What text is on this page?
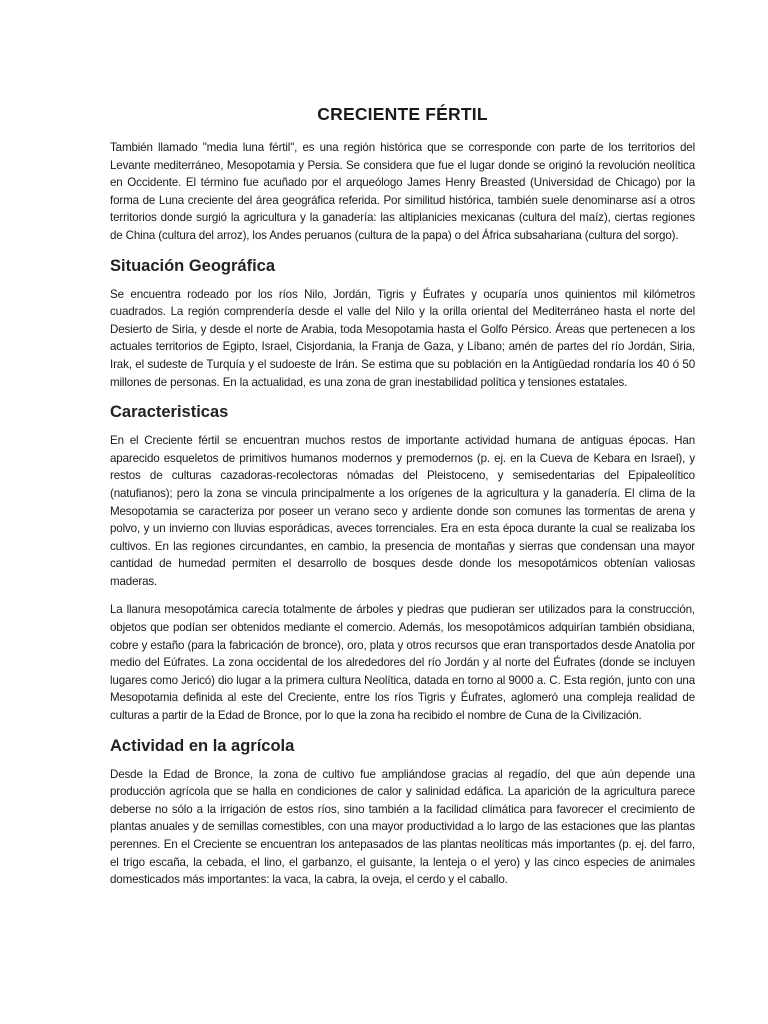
CRECIENTE FÉRTIL

También llamado "media luna fértil", es una región histórica que se corresponde con parte de los territorios del Levante mediterráneo, Mesopotamia y Persia. Se considera que fue el lugar donde se originó la revolución neolítica en Occidente. El término fue acuñado por el arqueólogo James Henry Breasted (Universidad de Chicago) por la forma de Luna creciente del área geográfica referida. Por similitud histórica, también suele denominarse así a otros territorios donde surgió la agricultura y la ganadería: las altiplanicies mexicanas (cultura del maíz), ciertas regiones de China (cultura del arroz), los Andes peruanos (cultura de la papa) o del África subsahariana (cultura del sorgo).

Situación Geográfica

Se encuentra rodeado por los ríos Nilo, Jordán, Tigris y Éufrates y ocuparía unos quinientos mil kilómetros cuadrados. La región comprendería desde el valle del Nilo y la orilla oriental del Mediterráneo hasta el norte del Desierto de Siria, y desde el norte de Arabia, toda Mesopotamia hasta el Golfo Pérsico. Áreas que pertenecen a los actuales territorios de Egipto, Israel, Cisjordania, la Franja de Gaza, y Líbano; amén de partes del río Jordán, Siria, Irak, el sudeste de Turquía y el sudoeste de Irán. Se estima que su población en la Antigüedad rondaría los 40 ó 50 millones de personas. En la actualidad, es una zona de gran inestabilidad política y tensiones estatales.

Caracteristicas

En el Creciente fértil se encuentran muchos restos de importante actividad humana de antiguas épocas. Han aparecido esqueletos de primitivos humanos modernos y premodernos (p. ej. en la Cueva de Kebara en Israel), y restos de culturas cazadoras-recolectoras nómadas del Pleistoceno, y semisedentarias del Epipaleolítico (natufianos); pero la zona se vincula principalmente a los orígenes de la agricultura y la ganadería. El clima de la Mesopotamia se caracteriza por poseer un verano seco y ardiente donde son comunes las tormentas de arena y polvo, y un invierno con lluvias esporádicas, aveces torrenciales. Era en esta época durante la cual se realizaba los cultivos. En las regiones circundantes, en cambio, la presencia de montañas y sierras que condensan una mayor cantidad de humedad permiten el desarrollo de bosques desde donde los mesopotámicos obtenían valiosas maderas.

La llanura mesopotámica carecía totalmente de árboles y piedras que pudieran ser utilizados para la construcción, objetos que podían ser obtenidos mediante el comercio. Además, los mesopotámicos adquirían también obsidiana, cobre y estaño (para la fabricación de bronce), oro, plata y otros recursos que eran transportados desde Anatolia por medio del Eúfrates. La zona occidental de los alrededores del río Jordán y al norte del Éufrates (donde se incluyen lugares como Jericó) dio lugar a la primera cultura Neolítica, datada en torno al 9000 a. C. Esta región, junto con una Mesopotamia definida al este del Creciente, entre los ríos Tigris y Éufrates, aglomeró una compleja realidad de culturas a partir de la Edad de Bronce, por lo que la zona ha recibido el nombre de Cuna de la Civilización.

Actividad en la agrícola

Desde la Edad de Bronce, la zona de cultivo fue ampliándose gracias al regadío, del que aún depende una producción agrícola que se halla en condiciones de calor y salinidad edáfica. La aparición de la agricultura parece deberse no sólo a la irrigación de estos ríos, sino también a la facilidad climática para favorecer el crecimiento de plantas anuales y de semillas comestibles, con una mayor productividad a lo largo de las estaciones que las plantas perennes. En el Creciente se encuentran los antepasados de las plantas neolíticas más importantes (p. ej. del farro, el trigo escaña, la cebada, el lino, el garbanzo, el guisante, la lenteja o el yero) y las cinco especies de animales domesticados más importantes: la vaca, la cabra, la oveja, el cerdo y el caballo.
